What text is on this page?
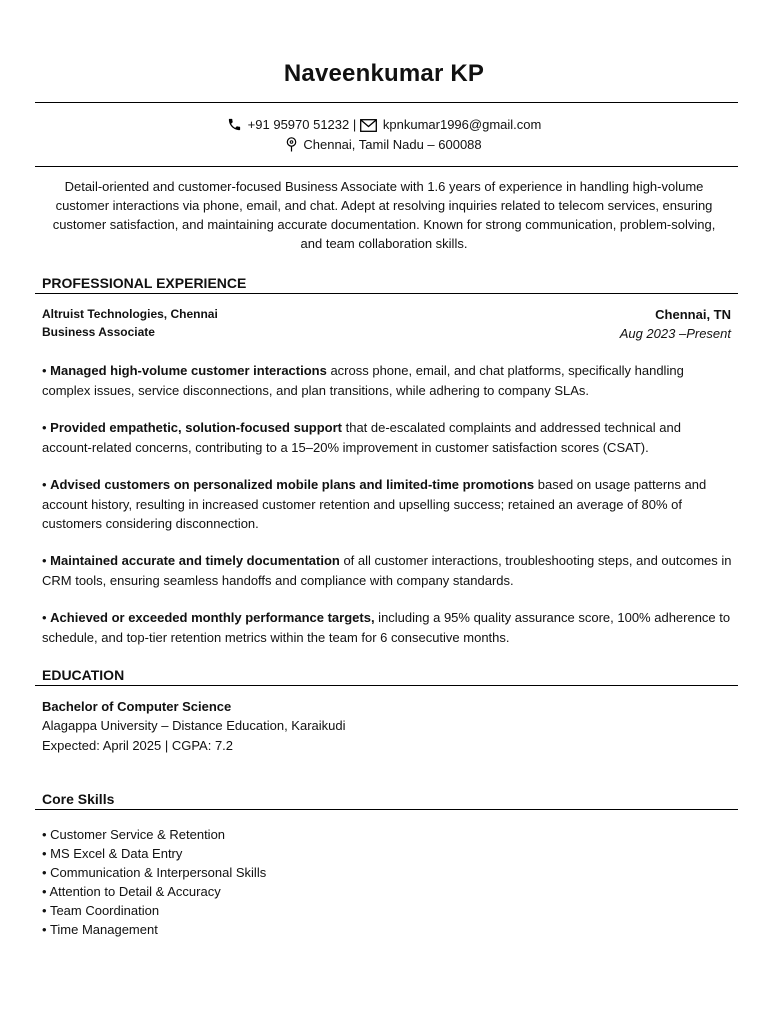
Naveenkumar KP
+91 95970 51232 | kpnkumar1996@gmail.com
Chennai, Tamil Nadu – 600088

Detail-oriented and customer-focused Business Associate with 1.6 years of experience in handling high-volume customer interactions via phone, email, and chat. Adept at resolving inquiries related to telecom services, ensuring customer satisfaction, and maintaining accurate documentation. Known for strong communication, problem-solving, and team collaboration skills.

PROFESSIONAL EXPERIENCE
Altruist Technologies, Chennai
Business Associate
Chennai, TN
Aug 2023 –Present
• Managed high-volume customer interactions across phone, email, and chat platforms, specifically handling complex issues, service disconnections, and plan transitions, while adhering to company SLAs.
• Provided empathetic, solution-focused support that de-escalated complaints and addressed technical and account-related concerns, contributing to a 15–20% improvement in customer satisfaction scores (CSAT).
• Advised customers on personalized mobile plans and limited-time promotions based on usage patterns and account history, resulting in increased customer retention and upselling success; retained an average of 80% of customers considering disconnection.
• Maintained accurate and timely documentation of all customer interactions, troubleshooting steps, and outcomes in CRM tools, ensuring seamless handoffs and compliance with company standards.
• Achieved or exceeded monthly performance targets, including a 95% quality assurance score, 100% adherence to schedule, and top-tier retention metrics within the team for 6 consecutive months.
EDUCATION
Bachelor of Computer Science
Alagappa University – Distance Education, Karaikudi
Expected: April 2025 | CGPA: 7.2
Core Skills
• Customer Service & Retention
• MS Excel & Data Entry
• Communication & Interpersonal Skills
• Attention to Detail & Accuracy
• Team Coordination
• Time Management
